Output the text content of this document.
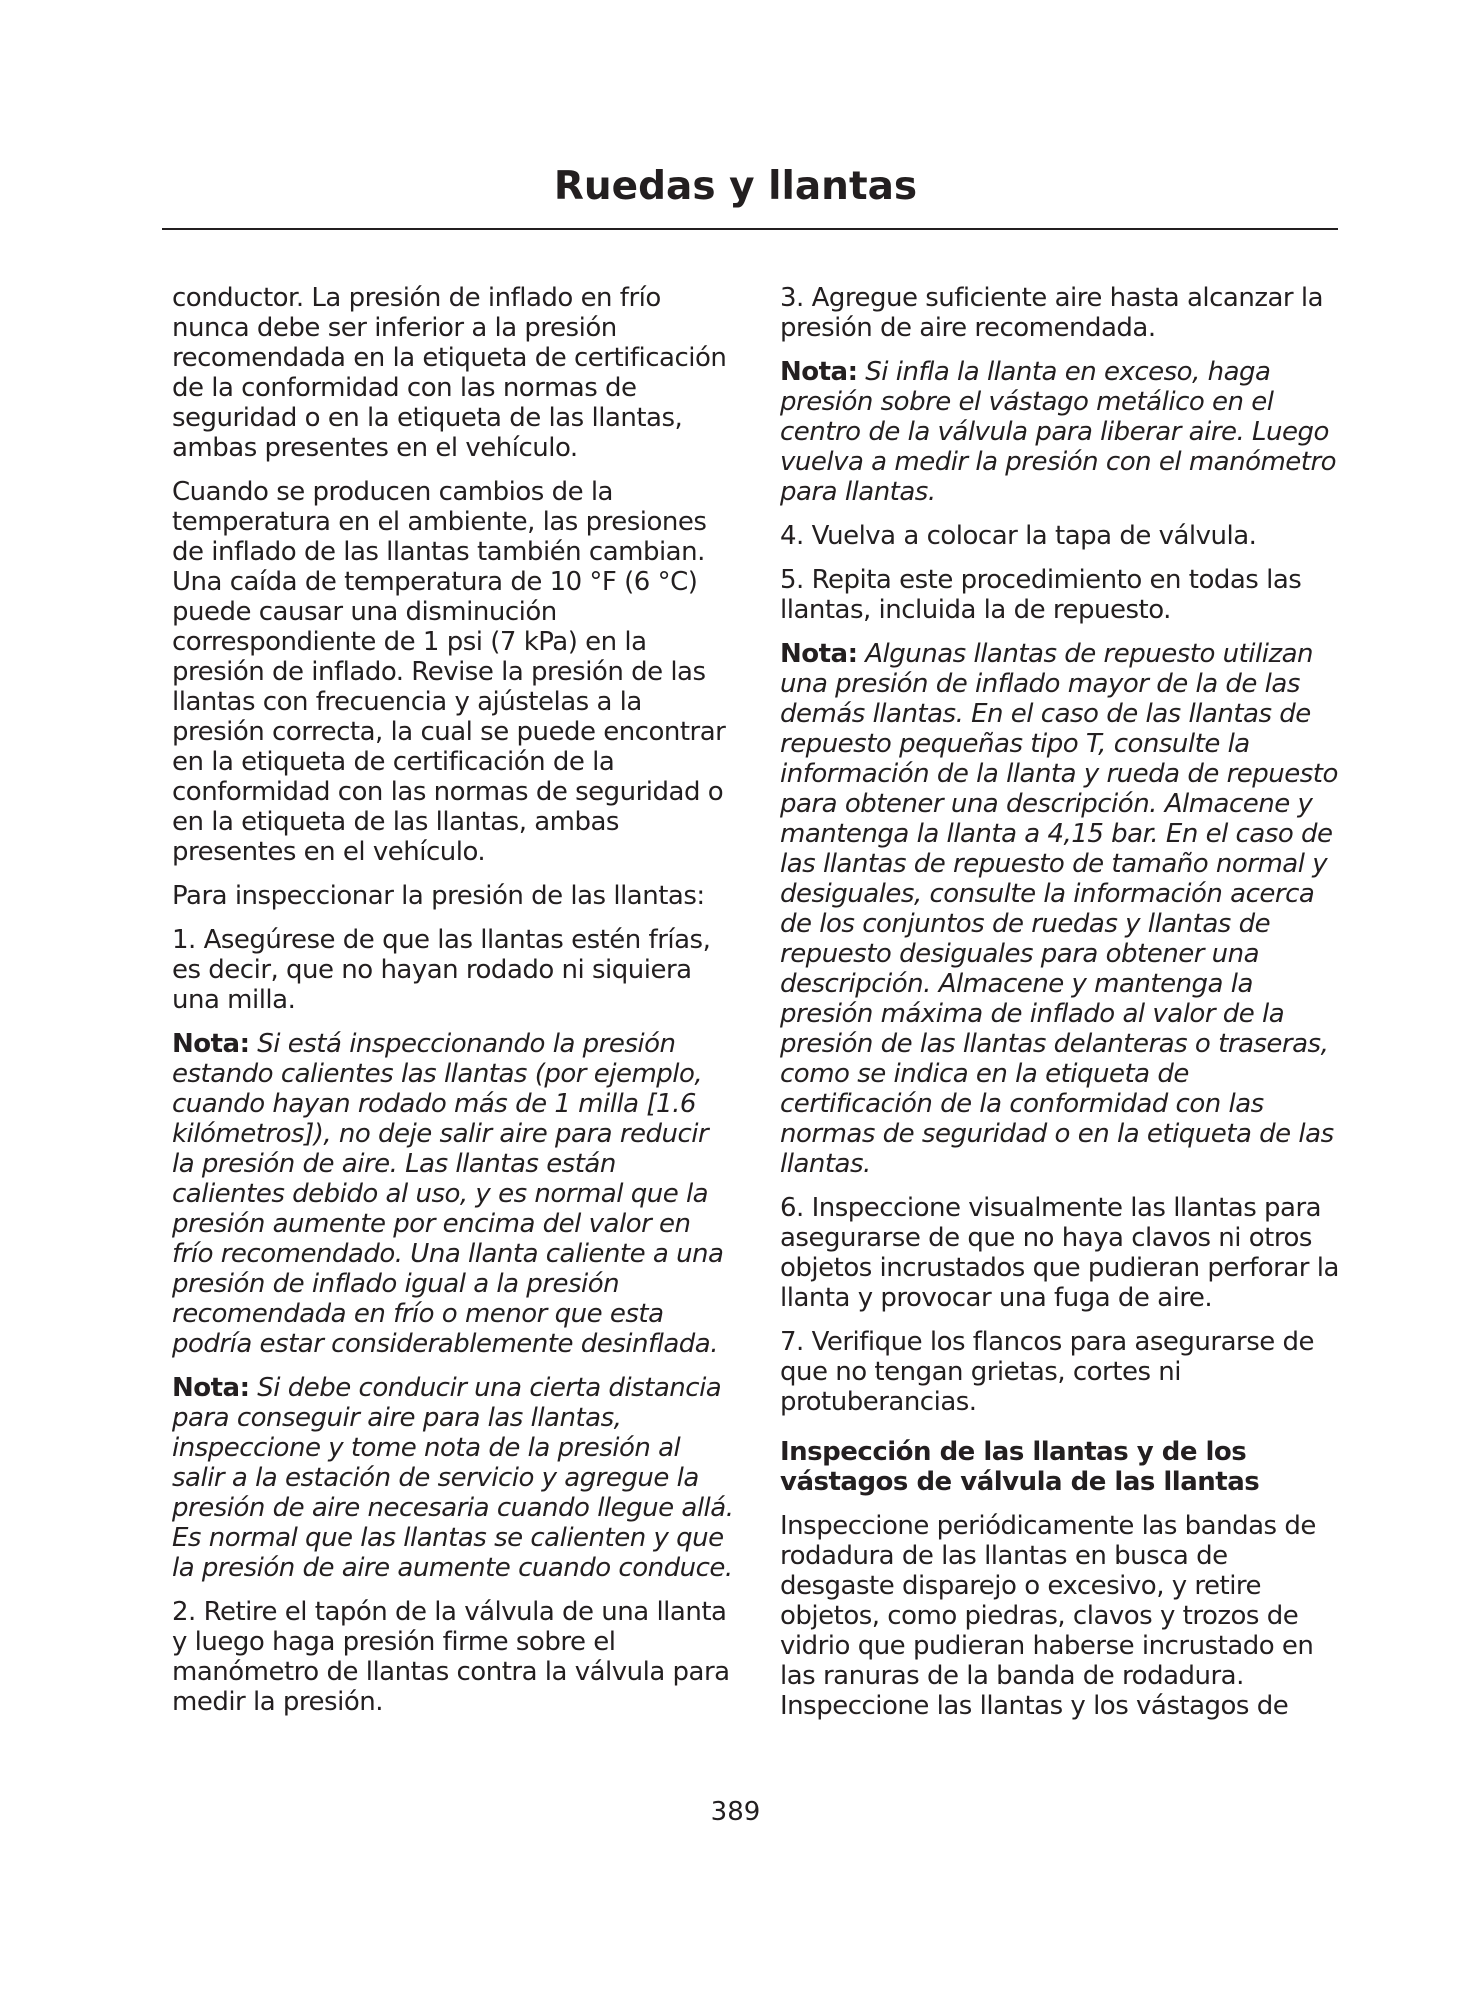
Ruedas y llantas

conductor. La presión de inflado en frío nunca debe ser inferior a la presión recomendada en la etiqueta de certificación de la conformidad con las normas de seguridad o en la etiqueta de las llantas, ambas presentes en el vehículo.

Cuando se producen cambios de la temperatura en el ambiente, las presiones de inflado de las llantas también cambian. Una caída de temperatura de 10 °F (6 °C) puede causar una disminución correspondiente de 1 psi (7 kPa) en la presión de inflado. Revise la presión de las llantas con frecuencia y ajústelas a la presión correcta, la cual se puede encontrar en la etiqueta de certificación de la conformidad con las normas de seguridad o en la etiqueta de las llantas, ambas presentes en el vehículo.

Para inspeccionar la presión de las llantas:

1. Asegúrese de que las llantas estén frías, es decir, que no hayan rodado ni siquiera una milla.

Nota: Si está inspeccionando la presión estando calientes las llantas (por ejemplo, cuando hayan rodado más de 1 milla [1.6 kilómetros]), no deje salir aire para reducir la presión de aire. Las llantas están calientes debido al uso, y es normal que la presión aumente por encima del valor en frío recomendado. Una llanta caliente a una presión de inflado igual a la presión recomendada en frío o menor que esta podría estar considerablemente desinflada.

Nota: Si debe conducir una cierta distancia para conseguir aire para las llantas, inspeccione y tome nota de la presión al salir a la estación de servicio y agregue la presión de aire necesaria cuando llegue allá. Es normal que las llantas se calienten y que la presión de aire aumente cuando conduce.

2. Retire el tapón de la válvula de una llanta y luego haga presión firme sobre el manómetro de llantas contra la válvula para medir la presión.

3. Agregue suficiente aire hasta alcanzar la presión de aire recomendada.

Nota: Si infla la llanta en exceso, haga presión sobre el vástago metálico en el centro de la válvula para liberar aire. Luego vuelva a medir la presión con el manómetro para llantas.

4. Vuelva a colocar la tapa de válvula.

5. Repita este procedimiento en todas las llantas, incluida la de repuesto.

Nota: Algunas llantas de repuesto utilizan una presión de inflado mayor de la de las demás llantas. En el caso de las llantas de repuesto pequeñas tipo T, consulte la información de la llanta y rueda de repuesto para obtener una descripción. Almacene y mantenga la llanta a 4,15 bar. En el caso de las llantas de repuesto de tamaño normal y desiguales, consulte la información acerca de los conjuntos de ruedas y llantas de repuesto desiguales para obtener una descripción. Almacene y mantenga la presión máxima de inflado al valor de la presión de las llantas delanteras o traseras, como se indica en la etiqueta de certificación de la conformidad con las normas de seguridad o en la etiqueta de las llantas.

6. Inspeccione visualmente las llantas para asegurarse de que no haya clavos ni otros objetos incrustados que pudieran perforar la llanta y provocar una fuga de aire.

7. Verifique los flancos para asegurarse de que no tengan grietas, cortes ni protuberancias.

Inspección de las llantas y de los vástagos de válvula de las llantas

Inspeccione periódicamente las bandas de rodadura de las llantas en busca de desgaste disparejo o excesivo, y retire objetos, como piedras, clavos y trozos de vidrio que pudieran haberse incrustado en las ranuras de la banda de rodadura. Inspeccione las llantas y los vástagos de

389
